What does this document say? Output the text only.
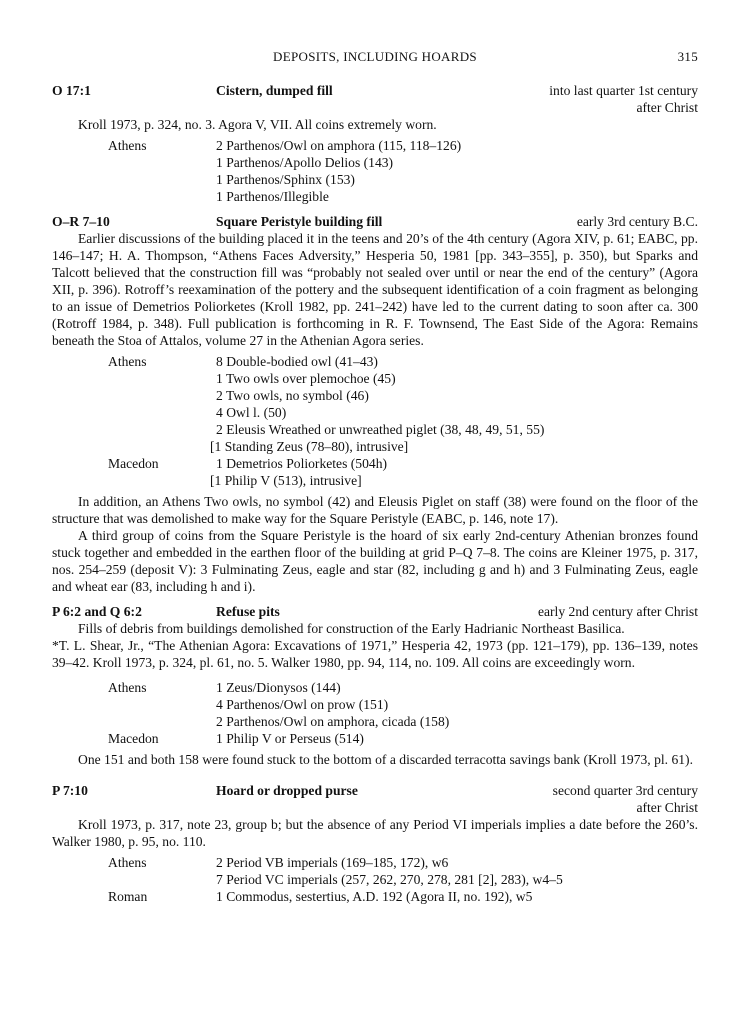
DEPOSITS, INCLUDING HOARDS	315
O 17:1	Cistern, dumped fill	into last quarter 1st century
after Christ

Kroll 1973, p. 324, no. 3. Agora V, VII. All coins extremely worn.

Athens	2 Parthenos/Owl on amphora (115, 118–126)
1 Parthenos/Apollo Delios (143)
1 Parthenos/Sphinx (153)
1 Parthenos/Illegible
O–R 7–10	Square Peristyle building fill	early 3rd century B.C.

Earlier discussions of the building placed it in the teens and 20’s of the 4th century (Agora XIV, p. 61; EABC, pp. 146–147; H. A. Thompson, “Athens Faces Adversity,” Hesperia 50, 1981 [pp. 343–355], p. 350), but Sparks and Talcott believed that the construction fill was “probably not sealed over until or near the end of the century” (Agora XII, p. 396). Rotroff’s reexamination of the pottery and the subsequent identification of a coin fragment as belonging to an issue of Demetrios Poliorketes (Kroll 1982, pp. 241–242) have led to the current dating to soon after ca. 300 (Rotroff 1984, p. 348). Full publication is forthcoming in R. F. Townsend, The East Side of the Agora: Remains beneath the Stoa of Attalos, volume 27 in the Athenian Agora series.

Athens	8 Double-bodied owl (41–43)
1 Two owls over plemochoe (45)
2 Two owls, no symbol (46)
4 Owl l. (50)
2 Eleusis Wreathed or unwreathed piglet (38, 48, 49, 51, 55)
[1 Standing Zeus (78–80), intrusive]
Macedon	1 Demetrios Poliorketes (504h)
[1 Philip V (513), intrusive]

In addition, an Athens Two owls, no symbol (42) and Eleusis Piglet on staff (38) were found on the floor of the structure that was demolished to make way for the Square Peristyle (EABC, p. 146, note 17).

A third group of coins from the Square Peristyle is the hoard of six early 2nd-century Athenian bronzes found stuck together and embedded in the earthen floor of the building at grid P–Q 7–8. The coins are Kleiner 1975, p. 317, nos. 254–259 (deposit V): 3 Fulminating Zeus, eagle and star (82, including g and h) and 3 Fulminating Zeus, eagle and wheat ear (83, including h and i).

P 6:2 and Q 6:2	Refuse pits	early 2nd century after Christ

Fills of debris from buildings demolished for construction of the Early Hadrianic Northeast Basilica.

*T. L. Shear, Jr., “The Athenian Agora: Excavations of 1971,” Hesperia 42, 1973 (pp. 121–179), pp. 136–139, notes 39–42. Kroll 1973, p. 324, pl. 61, no. 5. Walker 1980, pp. 94, 114, no. 109. All coins are exceedingly worn.

Athens	1 Zeus/Dionysos (144)
4 Parthenos/Owl on prow (151)
2 Parthenos/Owl on amphora, cicada (158)
Macedon	1 Philip V or Perseus (514)

One 151 and both 158 were found stuck to the bottom of a discarded terracotta savings bank (Kroll 1973, pl. 61).

P 7:10	Hoard or dropped purse	second quarter 3rd century
after Christ

Kroll 1973, p. 317, note 23, group b; but the absence of any Period VI imperials implies a date before the 260’s. Walker 1980, p. 95, no. 110.

Athens	2 Period VB imperials (169–185, 172), w6
7 Period VC imperials (257, 262, 270, 278, 281 [2], 283), w4–5
Roman	1 Commodus, sestertius, A.D. 192 (Agora II, no. 192), w5
